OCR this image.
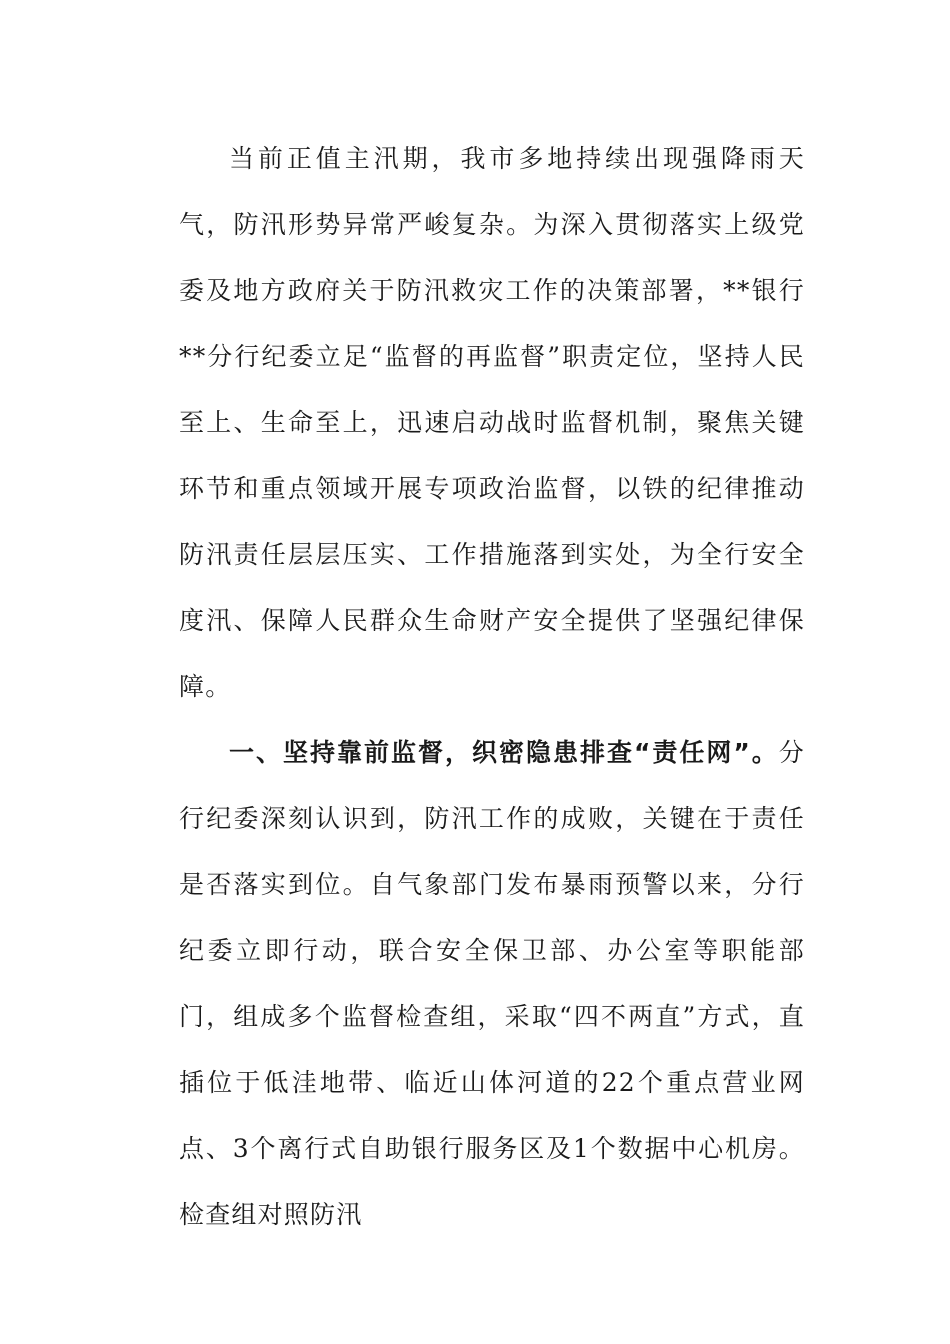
当前正值主汛期，我市多地持续出现强降雨天气，防汛形势异常严峻复杂。为深入贯彻落实上级党委及地方政府关于防汛救灾工作的决策部署，**银行**分行纪委立足“监督的再监督”职责定位，坚持人民至上、生命至上，迅速启动战时监督机制，聚焦关键环节和重点领域开展专项政治监督，以铁的纪律推动防汛责任层层压实、工作措施落到实处，为全行安全度汛、保障人民群众生命财产安全提供了坚强纪律保障。

一、坚持靠前监督，织密隐患排查“责任网”。分行纪委深刻认识到，防汛工作的成败，关键在于责任是否落实到位。自气象部门发布暴雨预警以来，分行纪委立即行动，联合安全保卫部、办公室等职能部门，组成多个监督检查组，采取“四不两直”方式，直插位于低洼地带、临近山体河道的22个重点营业网点、3个离行式自助银行服务区及1个数据中心机房。检查组对照防汛
